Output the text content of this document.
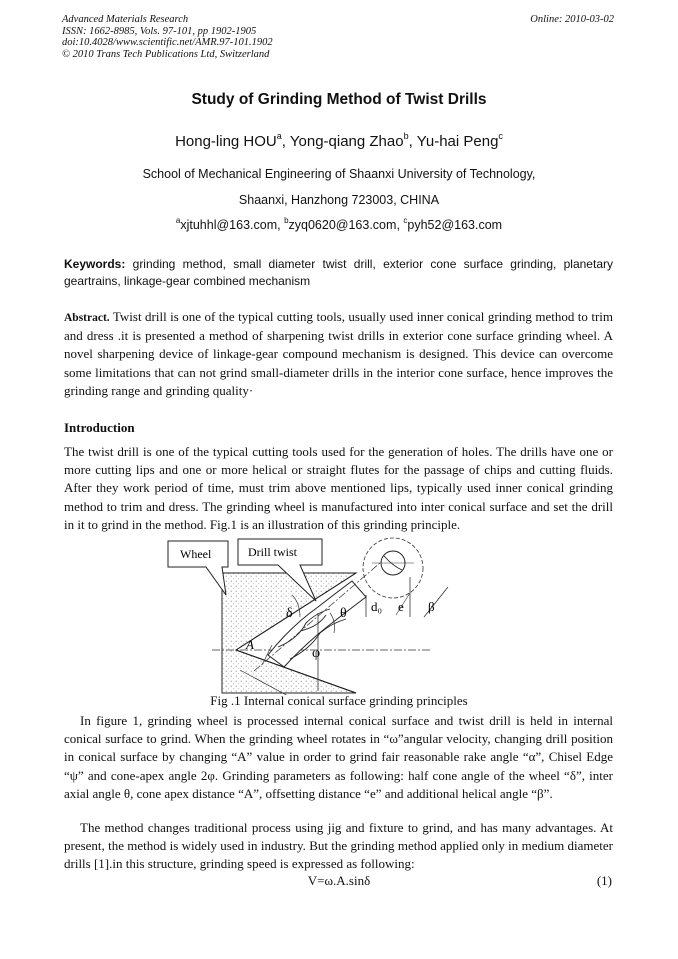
Advanced Materials Research
ISSN: 1662-8985, Vols. 97-101, pp 1902-1905
doi:10.4028/www.scientific.net/AMR.97-101.1902
© 2010 Trans Tech Publications Ltd, Switzerland
Online: 2010-03-02
Study of Grinding Method of Twist Drills
Hong-ling HOU$^a$, Yong-qiang Zhao$^b$, Yu-hai Peng$^c$
School of Mechanical Engineering of Shaanxi University of Technology,
Shaanxi, Hanzhong 723003, CHINA
$^a$xjtuhhl@163.com, $^b$zyq0620@163.com, $^c$pyh52@163.com
Keywords: grinding method, small diameter twist drill, exterior cone surface grinding, planetary geartrains, linkage-gear combined mechanism
Abstract. Twist drill is one of the typical cutting tools, usually used inner conical grinding method to trim and dress .it is presented a method of sharpening twist drills in exterior cone surface grinding wheel. A novel sharpening device of linkage-gear compound mechanism is designed. This device can overcome some limitations that can not grind small-diameter drills in the interior cone surface, hence improves the grinding range and grinding quality·
Introduction
The twist drill is one of the typical cutting tools used for the generation of holes. The drills have one or more cutting lips and one or more helical or straight flutes for the passage of chips and cutting fluids. After they work period of time, must trim above mentioned lips, typically used inner conical grinding method to trim and dress. The grinding wheel is manufactured into inter conical surface and set the drill in it to grind in the method. Fig.1 is an illustration of this grinding principle.
δ	θ
φ
d₀ e β
A
Wheel	Drill twist
Fig .1 Internal conical surface grinding principles
In figure 1, grinding wheel is processed internal conical surface and twist drill is held in internal conical surface to grind. When the grinding wheel rotates in “ω”angular velocity, changing drill position in conical surface by changing “A” value in order to grind fair reasonable rake angle “α”, Chisel Edge “ψ” and cone-apex angle 2φ. Grinding parameters as following: half cone angle of the wheel “δ”, inter axial angle θ, cone apex distance “A”, offsetting distance “e” and additional helical angle “β”.
The method changes traditional process using jig and fixture to grind, and has many advantages. At present, the method is widely used in industry. But the grinding method applied only in medium diameter drills [1].in this structure, grinding speed is expressed as following:
V=ω.A.sinδ	(1)
